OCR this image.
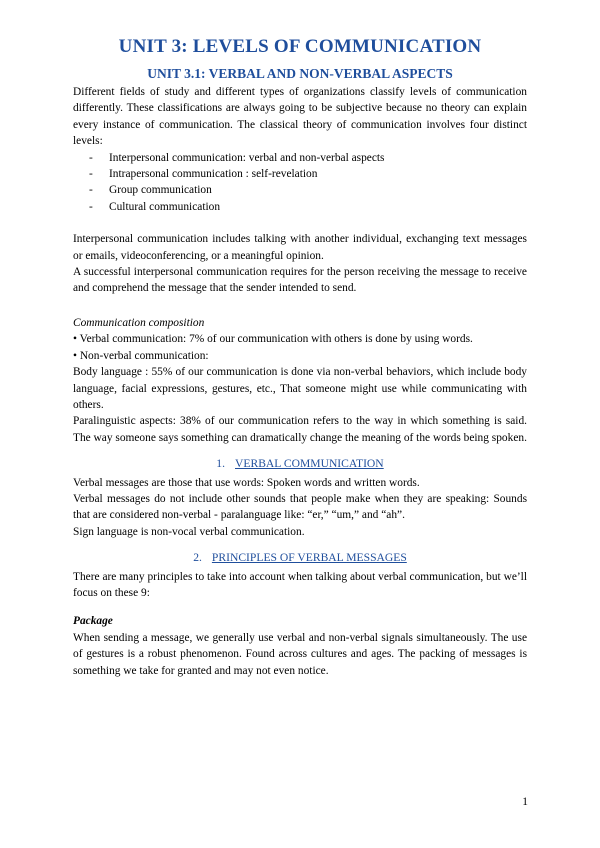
UNIT 3: LEVELS OF COMMUNICATION
UNIT 3.1: VERBAL AND NON-VERBAL ASPECTS

Different fields of study and different types of organizations classify levels of communication differently. These classifications are always going to be subjective because no theory can explain every instance of communication. The classical theory of communication involves four distinct levels:

- Interpersonal communication: verbal and non-verbal aspects
- Intrapersonal communication : self-revelation
- Group communication
- Cultural communication

Interpersonal communication includes talking with another individual, exchanging text messages or emails, videoconferencing, or a meaningful opinion.

A successful interpersonal communication requires for the person receiving the message to receive and comprehend the message that the sender intended to send.

Communication composition

• Verbal communication: 7% of our communication with others is done by using words.

• Non-verbal communication:

Body language : 55% of our communication is done via non-verbal behaviors, which include body language, facial expressions, gestures, etc., That someone might use while communicating with others.

Paralinguistic aspects: 38% of our communication refers to the way in which something is said. The way someone says something can dramatically change the meaning of the words being spoken.

1. VERBAL COMMUNICATION

Verbal messages are those that use words: Spoken words and written words.

Verbal messages do not include other sounds that people make when they are speaking: Sounds that are considered non-verbal - paralanguage like: “er,” “um,” and “ah”.

Sign language is non-vocal verbal communication.

2. PRINCIPLES OF VERBAL MESSAGES

There are many principles to take into account when talking about verbal communication, but we’ll focus on these 9:

Package

When sending a message, we generally use verbal and non-verbal signals simultaneously. The use of gestures is a robust phenomenon. Found across cultures and ages. The packing of messages is something we take for granted and may not even notice.

1
